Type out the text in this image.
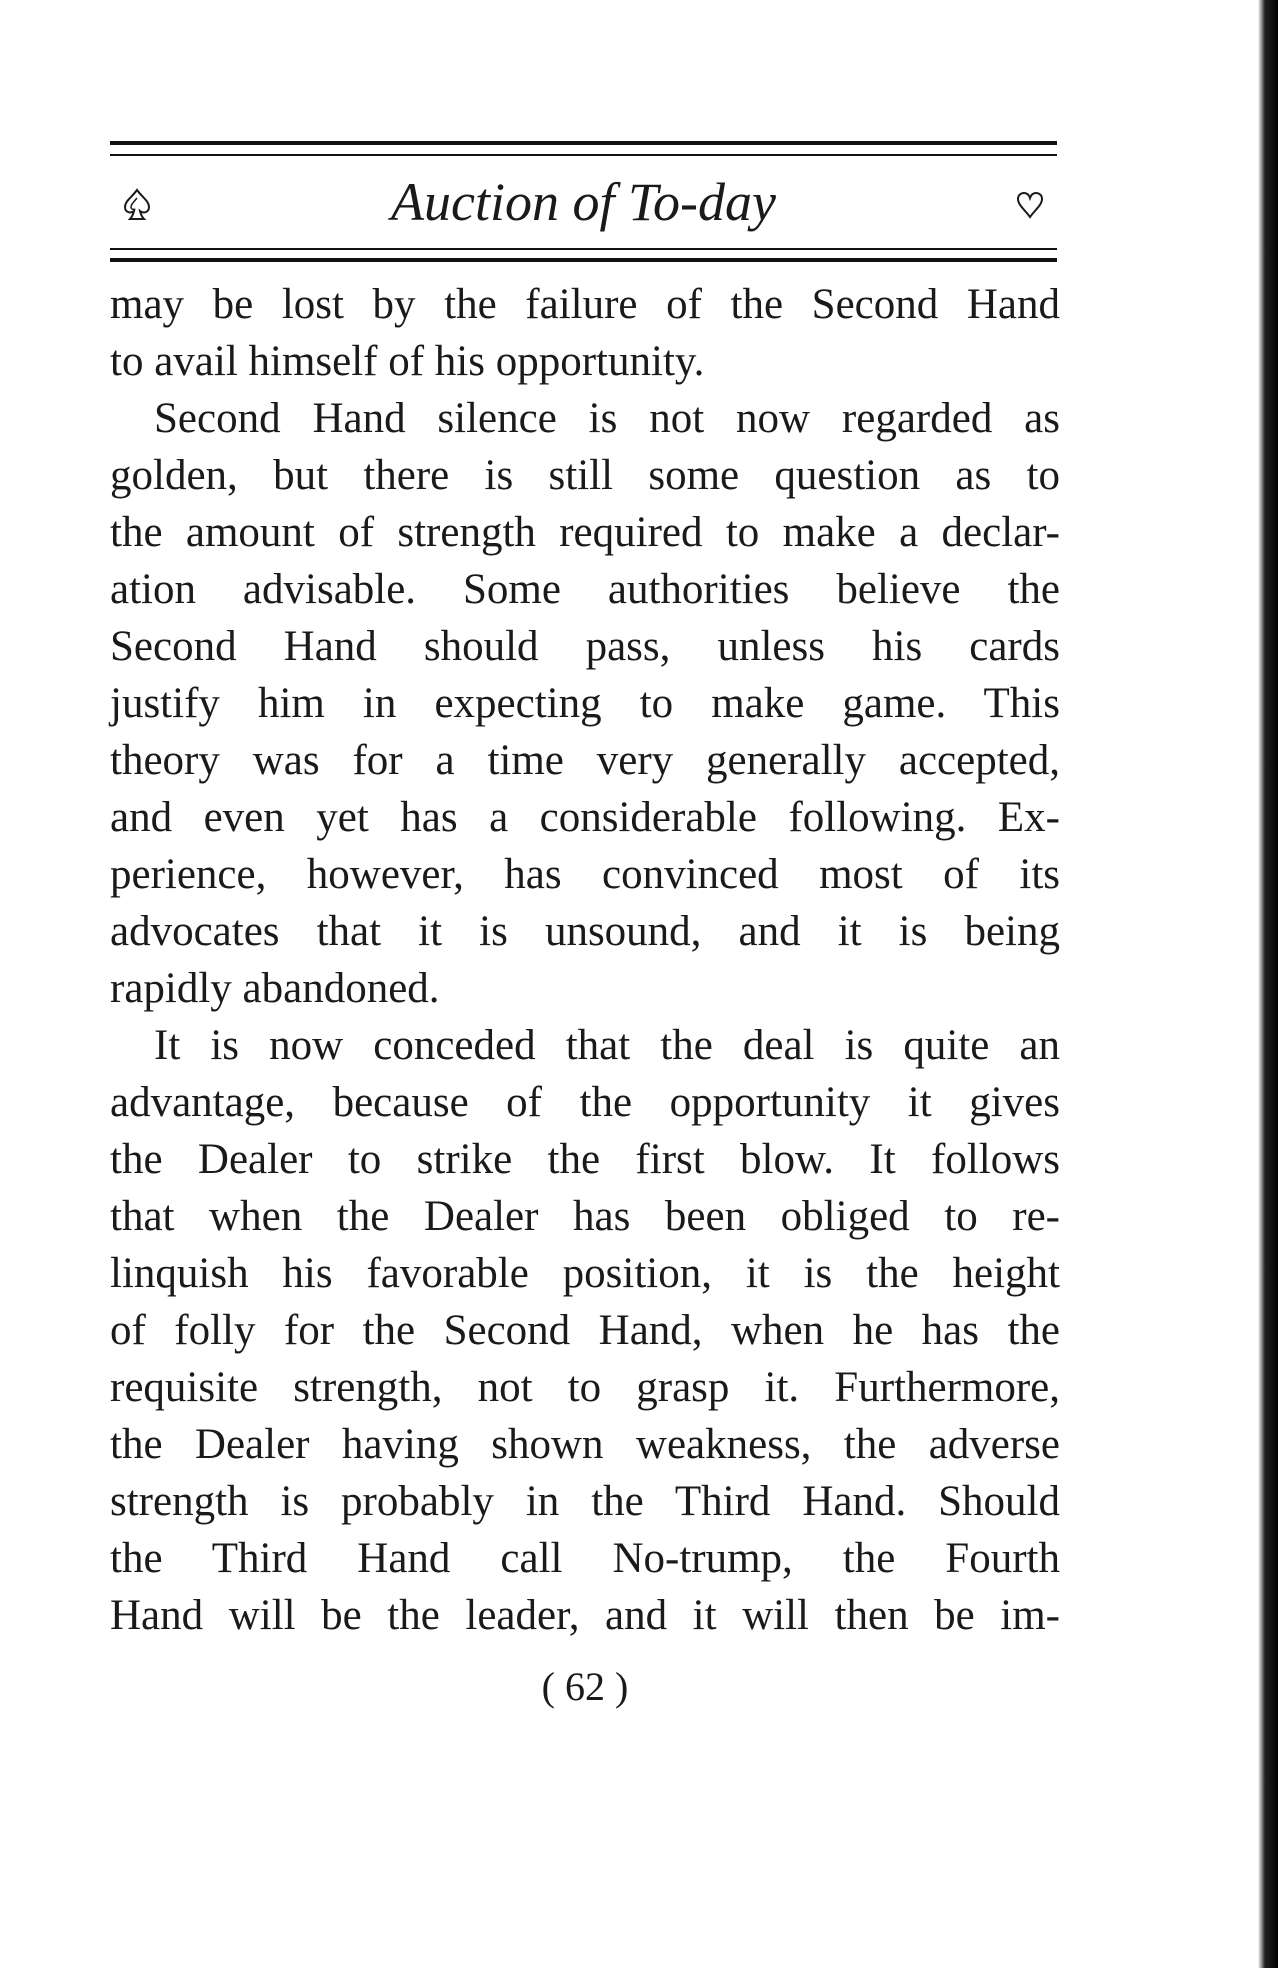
Auction of To-day
may be lost by the failure of the Second Hand
to avail himself of his opportunity.
Second Hand silence is not now regarded as
golden, but there is still some question as to
the amount of strength required to make a declar-
ation advisable. Some authorities believe the
Second Hand should pass, unless his cards
justify him in expecting to make game. This
theory was for a time very generally accepted,
and even yet has a considerable following. Ex-
perience, however, has convinced most of its
advocates that it is unsound, and it is being
rapidly abandoned.
It is now conceded that the deal is quite an
advantage, because of the opportunity it gives
the Dealer to strike the first blow. It follows
that when the Dealer has been obliged to re-
linquish his favorable position, it is the height
of folly for the Second Hand, when he has the
requisite strength, not to grasp it. Furthermore,
the Dealer having shown weakness, the adverse
strength is probably in the Third Hand. Should
the Third Hand call No-trump, the Fourth
Hand will be the leader, and it will then be im-
( 62 )
